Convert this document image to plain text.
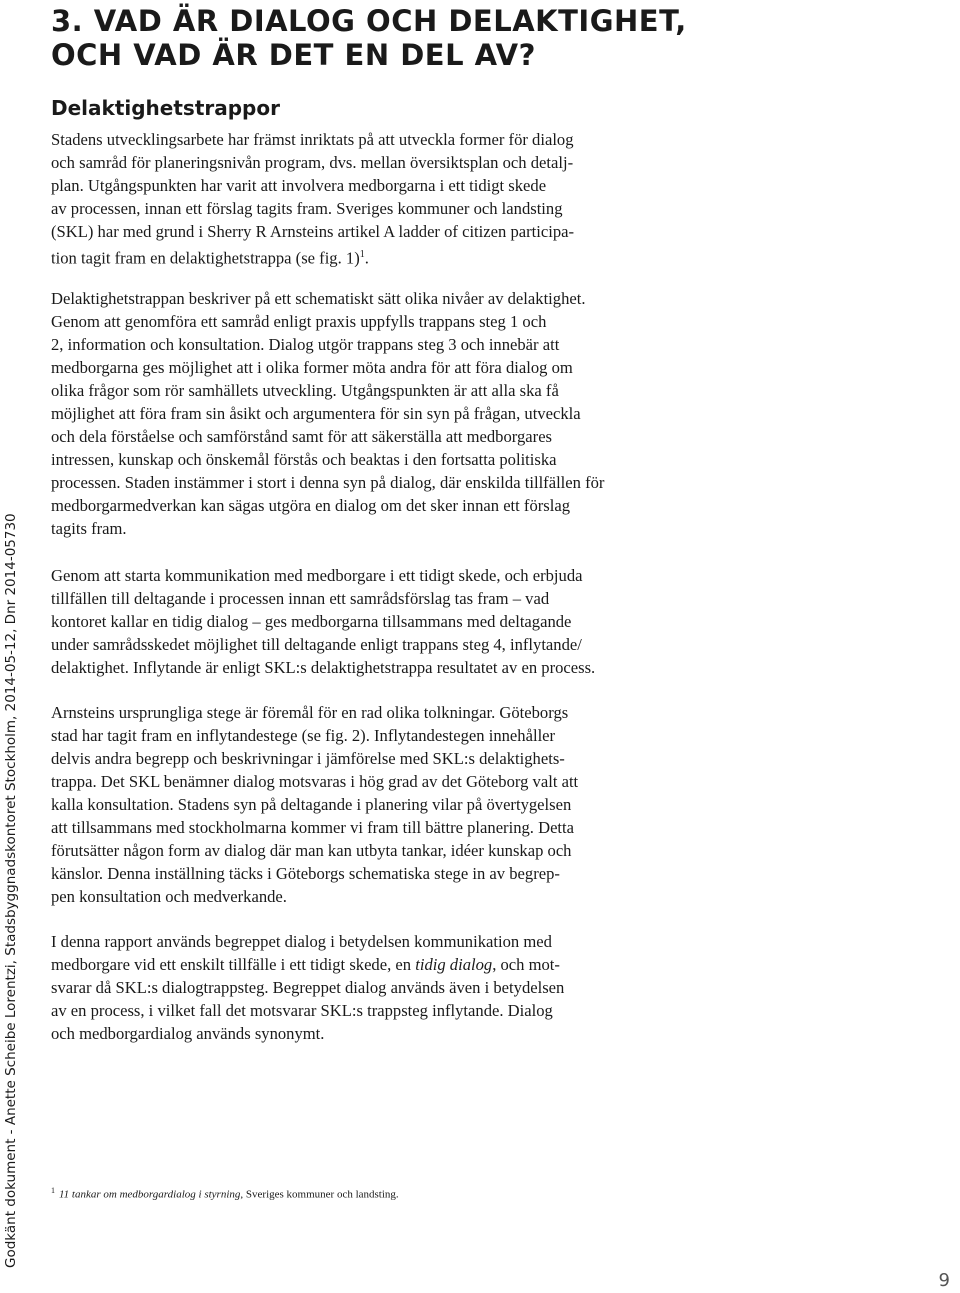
3. VAD ÄR DIALOG OCH DELAKTIGHET,
OCH VAD ÄR DET EN DEL AV?
Delaktighetstrappor

Stadens utvecklingsarbete har främst inriktats på att utveckla former för dialog
och samråd för planeringsnivån program, dvs. mellan översiktsplan och detalj-
plan. Utgångspunkten har varit att involvera medborgarna i ett tidigt skede
av processen, innan ett förslag tagits fram. Sveriges kommuner och landsting
(SKL) har med grund i Sherry R Arnsteins artikel A ladder of citizen participa-
tion tagit fram en delaktighetstrappa (se fig. 1)$^1$.

Delaktighetstrappan beskriver på ett schematiskt sätt olika nivåer av delaktighet.
Genom att genomföra ett samråd enligt praxis uppfylls trappans steg 1 och
2, information och konsultation. Dialog utgör trappans steg 3 och innebär att
medborgarna ges möjlighet att i olika former möta andra för att föra dialog om
olika frågor som rör samhällets utveckling. Utgångspunkten är att alla ska få
möjlighet att föra fram sin åsikt och argumentera för sin syn på frågan, utveckla
och dela förståelse och samförstånd samt för att säkerställa att medborgares
intressen, kunskap och önskemål förstås och beaktas i den fortsatta politiska
processen. Staden instämmer i stort i denna syn på dialog, där enskilda tillfällen för
medborgarmedverkan kan sägas utgöra en dialog om det sker innan ett förslag
tagits fram.

Genom att starta kommunikation med medborgare i ett tidigt skede, och erbjuda
tillfällen till deltagande i processen innan ett samrådsförslag tas fram – vad
kontoret kallar en tidig dialog – ges medborgarna tillsammans med deltagande
under samrådsskedet möjlighet till deltagande enligt trappans steg 4, inflytande/
delaktighet. Inflytande är enligt SKL:s delaktighetstrappa resultatet av en process.

Arnsteins ursprungliga stege är föremål för en rad olika tolkningar. Göteborgs
stad har tagit fram en inflytandestege (se fig. 2). Inflytandestegen innehåller
delvis andra begrepp och beskrivningar i jämförelse med SKL:s delaktighets-
trappa. Det SKL benämner dialog motsvaras i hög grad av det Göteborg valt att
kalla konsultation. Stadens syn på deltagande i planering vilar på övertygelsen
att tillsammans med stockholmarna kommer vi fram till bättre planering. Detta
förutsätter någon form av dialog där man kan utbyta tankar, idéer kunskap och
känslor. Denna inställning täcks i Göteborgs schematiska stege in av begrep-
pen konsultation och medverkande.

I denna rapport används begreppet dialog i betydelsen kommunikation med
medborgare vid ett enskilt tillfälle i ett tidigt skede, en tidig dialog, och mot-
svarar då SKL:s dialogtrappsteg. Begreppet dialog används även i betydelsen
av en process, i vilket fall det motsvarar SKL:s trappsteg inflytande. Dialog
och medborgardialog används synonymt.

$^1$ 11 tankar om medborgardialog i styrning, Sveriges kommuner och landsting.

Godkänt dokument - Anette Scheibe Lorentzi, Stadsbyggnadskontoret Stockholm, 2014-05-12, Dnr 2014-05730
9
